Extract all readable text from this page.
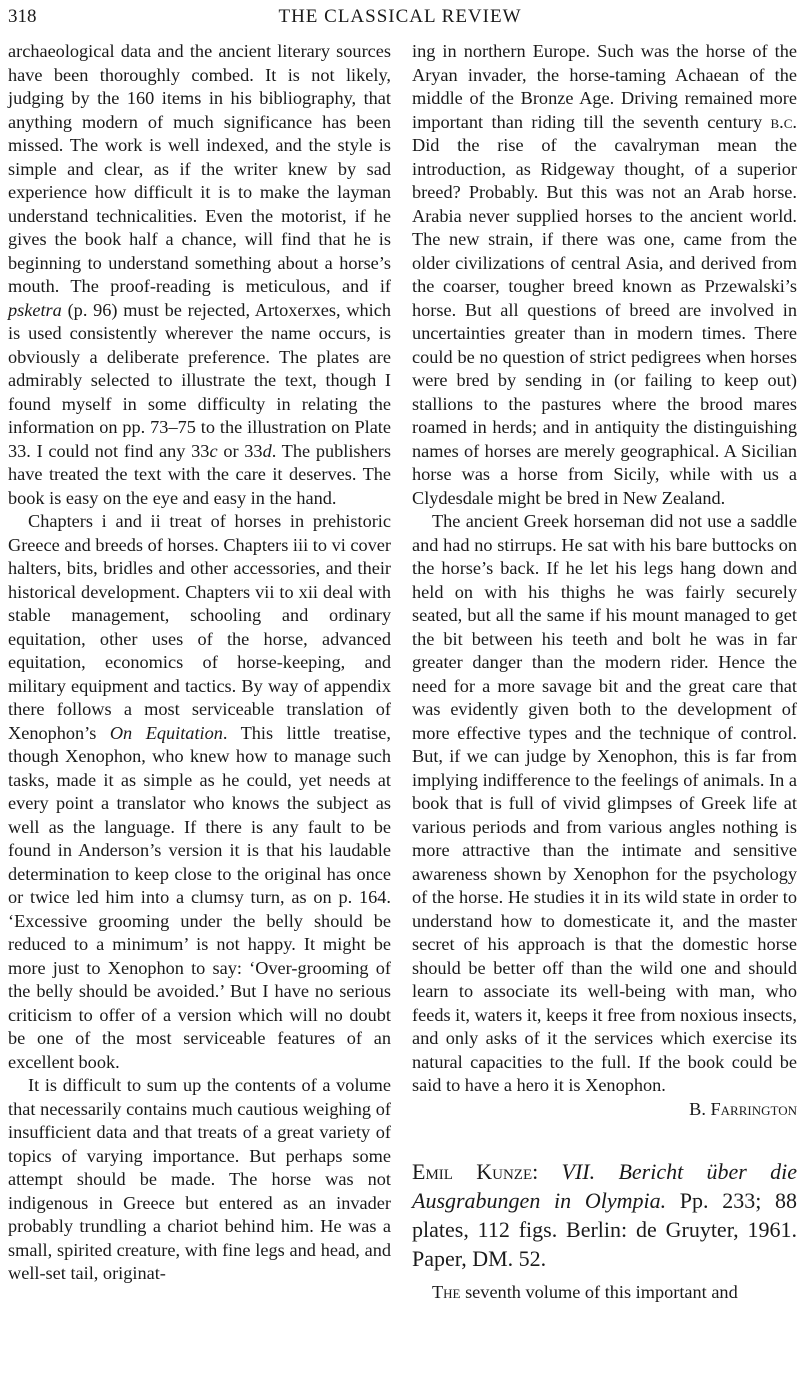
318	THE CLASSICAL REVIEW

archaeological data and the ancient literary sources have been thoroughly combed. It is not likely, judging by the 160 items in his bibliography, that anything modern of much significance has been missed. The work is well indexed, and the style is simple and clear, as if the writer knew by sad experience how difficult it is to make the layman understand technicalities. Even the motorist, if he gives the book half a chance, will find that he is beginning to understand something about a horse’s mouth. The proof-reading is meticulous, and if psketra (p. 96) must be rejected, Artoxerxes, which is used consistently wherever the name occurs, is obviously a deliberate preference. The plates are admirably selected to illustrate the text, though I found myself in some difficulty in relating the information on pp. 73–75 to the illustration on Plate 33. I could not find any 33c or 33d. The publishers have treated the text with the care it deserves. The book is easy on the eye and easy in the hand.

Chapters i and ii treat of horses in prehistoric Greece and breeds of horses. Chapters iii to vi cover halters, bits, bridles and other accessories, and their historical development. Chapters vii to xii deal with stable management, schooling and ordinary equitation, other uses of the horse, advanced equitation, economics of horse-keeping, and military equipment and tactics. By way of appendix there follows a most serviceable translation of Xenophon’s On Equitation. This little treatise, though Xenophon, who knew how to manage such tasks, made it as simple as he could, yet needs at every point a translator who knows the subject as well as the language. If there is any fault to be found in Anderson’s version it is that his laudable determination to keep close to the original has once or twice led him into a clumsy turn, as on p. 164. ‘Excessive grooming under the belly should be reduced to a minimum’ is not happy. It might be more just to Xenophon to say: ‘Over-grooming of the belly should be avoided.’ But I have no serious criticism to offer of a version which will no doubt be one of the most serviceable features of an excellent book.

It is difficult to sum up the contents of a volume that necessarily contains much cautious weighing of insufficient data and that treats of a great variety of topics of varying importance. But perhaps some attempt should be made. The horse was not indigenous in Greece but entered as an invader probably trundling a chariot behind him. He was a small, spirited creature, with fine legs and head, and well-set tail, originat-

ing in northern Europe. Such was the horse of the Aryan invader, the horse-taming Achaean of the middle of the Bronze Age. Driving remained more important than riding till the seventh century b.c. Did the rise of the cavalryman mean the introduction, as Ridgeway thought, of a superior breed? Probably. But this was not an Arab horse. Arabia never supplied horses to the ancient world. The new strain, if there was one, came from the older civilizations of central Asia, and derived from the coarser, tougher breed known as Przewalski’s horse. But all questions of breed are involved in uncertainties greater than in modern times. There could be no question of strict pedigrees when horses were bred by sending in (or failing to keep out) stallions to the pastures where the brood mares roamed in herds; and in antiquity the distinguishing names of horses are merely geographical. A Sicilian horse was a horse from Sicily, while with us a Clydesdale might be bred in New Zealand.

The ancient Greek horseman did not use a saddle and had no stirrups. He sat with his bare buttocks on the horse’s back. If he let his legs hang down and held on with his thighs he was fairly securely seated, but all the same if his mount managed to get the bit between his teeth and bolt he was in far greater danger than the modern rider. Hence the need for a more savage bit and the great care that was evidently given both to the development of more effective types and the technique of control. But, if we can judge by Xenophon, this is far from implying indifference to the feelings of animals. In a book that is full of vivid glimpses of Greek life at various periods and from various angles nothing is more attractive than the intimate and sensitive awareness shown by Xenophon for the psychology of the horse. He studies it in its wild state in order to understand how to domesticate it, and the master secret of his approach is that the domestic horse should be better off than the wild one and should learn to associate its well-being with man, who feeds it, waters it, keeps it free from noxious insects, and only asks of it the services which exercise its natural capacities to the full. If the book could be said to have a hero it is Xenophon.

B. Farrington

Emil Kunze: VII. Bericht über die Ausgrabungen in Olympia. Pp. 233; 88 plates, 112 figs. Berlin: de Gruyter, 1961. Paper, DM. 52.

The seventh volume of this important and
